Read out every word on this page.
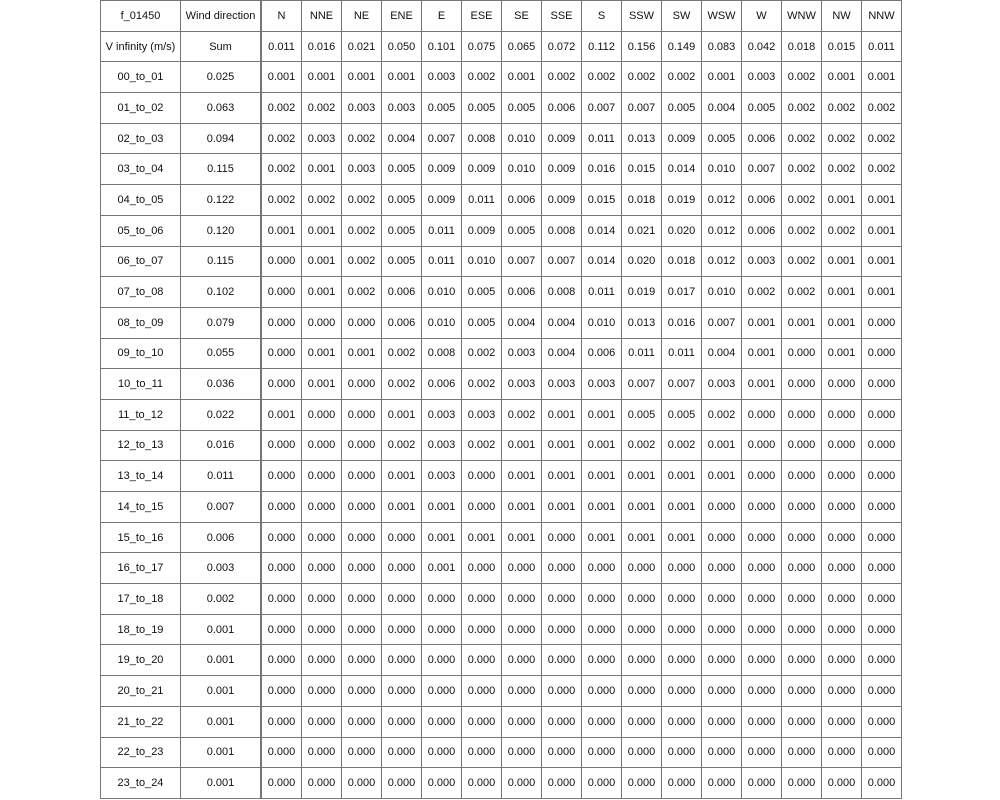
f_01450	Wind direction	N	NNE	NE	ENE	E	ESE	SE	SSE	S	SSW	SW	WSW	W	WNW	NW	NNW
V infinity (m/s)	Sum	0.011	0.016	0.021	0.050	0.101	0.075	0.065	0.072	0.112	0.156	0.149	0.083	0.042	0.018	0.015	0.011
00_to_01	0.025	0.001	0.001	0.001	0.001	0.003	0.002	0.001	0.002	0.002	0.002	0.002	0.001	0.003	0.002	0.001	0.001
01_to_02	0.063	0.002	0.002	0.003	0.003	0.005	0.005	0.005	0.006	0.007	0.007	0.005	0.004	0.005	0.002	0.002	0.002
02_to_03	0.094	0.002	0.003	0.002	0.004	0.007	0.008	0.010	0.009	0.011	0.013	0.009	0.005	0.006	0.002	0.002	0.002
03_to_04	0.115	0.002	0.001	0.003	0.005	0.009	0.009	0.010	0.009	0.016	0.015	0.014	0.010	0.007	0.002	0.002	0.002
04_to_05	0.122	0.002	0.002	0.002	0.005	0.009	0.011	0.006	0.009	0.015	0.018	0.019	0.012	0.006	0.002	0.001	0.001
05_to_06	0.120	0.001	0.001	0.002	0.005	0.011	0.009	0.005	0.008	0.014	0.021	0.020	0.012	0.006	0.002	0.002	0.001
06_to_07	0.115	0.000	0.001	0.002	0.005	0.011	0.010	0.007	0.007	0.014	0.020	0.018	0.012	0.003	0.002	0.001	0.001
07_to_08	0.102	0.000	0.001	0.002	0.006	0.010	0.005	0.006	0.008	0.011	0.019	0.017	0.010	0.002	0.002	0.001	0.001
08_to_09	0.079	0.000	0.000	0.000	0.006	0.010	0.005	0.004	0.004	0.010	0.013	0.016	0.007	0.001	0.001	0.001	0.000
09_to_10	0.055	0.000	0.001	0.001	0.002	0.008	0.002	0.003	0.004	0.006	0.011	0.011	0.004	0.001	0.000	0.001	0.000
10_to_11	0.036	0.000	0.001	0.000	0.002	0.006	0.002	0.003	0.003	0.003	0.007	0.007	0.003	0.001	0.000	0.000	0.000
11_to_12	0.022	0.001	0.000	0.000	0.001	0.003	0.003	0.002	0.001	0.001	0.005	0.005	0.002	0.000	0.000	0.000	0.000
12_to_13	0.016	0.000	0.000	0.000	0.002	0.003	0.002	0.001	0.001	0.001	0.002	0.002	0.001	0.000	0.000	0.000	0.000
13_to_14	0.011	0.000	0.000	0.000	0.001	0.003	0.000	0.001	0.001	0.001	0.001	0.001	0.001	0.000	0.000	0.000	0.000
14_to_15	0.007	0.000	0.000	0.000	0.001	0.001	0.000	0.001	0.001	0.001	0.001	0.001	0.000	0.000	0.000	0.000	0.000
15_to_16	0.006	0.000	0.000	0.000	0.000	0.001	0.001	0.001	0.000	0.001	0.001	0.001	0.000	0.000	0.000	0.000	0.000
16_to_17	0.003	0.000	0.000	0.000	0.000	0.001	0.000	0.000	0.000	0.000	0.000	0.000	0.000	0.000	0.000	0.000	0.000
17_to_18	0.002	0.000	0.000	0.000	0.000	0.000	0.000	0.000	0.000	0.000	0.000	0.000	0.000	0.000	0.000	0.000	0.000
18_to_19	0.001	0.000	0.000	0.000	0.000	0.000	0.000	0.000	0.000	0.000	0.000	0.000	0.000	0.000	0.000	0.000	0.000
19_to_20	0.001	0.000	0.000	0.000	0.000	0.000	0.000	0.000	0.000	0.000	0.000	0.000	0.000	0.000	0.000	0.000	0.000
20_to_21	0.001	0.000	0.000	0.000	0.000	0.000	0.000	0.000	0.000	0.000	0.000	0.000	0.000	0.000	0.000	0.000	0.000
21_to_22	0.001	0.000	0.000	0.000	0.000	0.000	0.000	0.000	0.000	0.000	0.000	0.000	0.000	0.000	0.000	0.000	0.000
22_to_23	0.001	0.000	0.000	0.000	0.000	0.000	0.000	0.000	0.000	0.000	0.000	0.000	0.000	0.000	0.000	0.000	0.000
23_to_24	0.001	0.000	0.000	0.000	0.000	0.000	0.000	0.000	0.000	0.000	0.000	0.000	0.000	0.000	0.000	0.000	0.000
